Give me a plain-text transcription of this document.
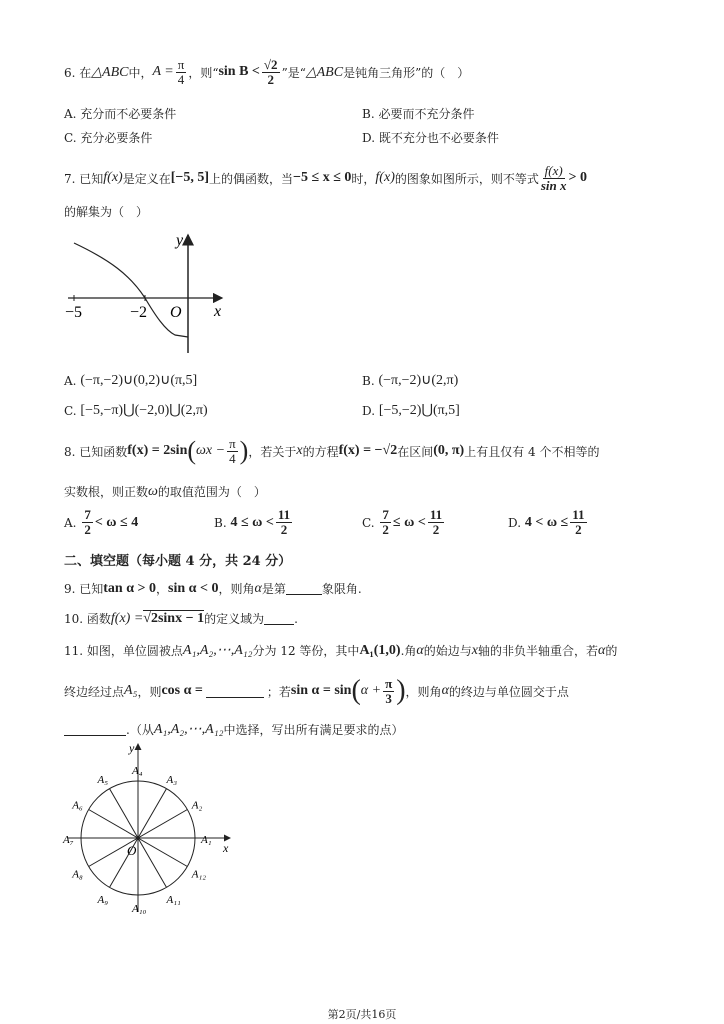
6. 在 △ABC 中， $A = \frac{\pi}{4}$ ，则“ $\sin B < \frac{√2}{2}$ ”是“ △ABC 是钝角三角形”的（　）
A. 充分而不必要条件	B. 必要而不充分条件
C. 充分必要条件	D. 既不充分也不必要条件
7. 已知 f(x) 是定义在 [−5, 5] 上的偶函数，当 −5 ≤ x ≤ 0 时， f(x) 的图象如图所示，则不等式 $\frac{f(x)}{\text{sin x}} > 0$
的解集为（　）
y
x
O
−5	−2
A.
(−π,−2)∪(0,2)∪(π,5]	B.
(−π,−2)∪(2,π)
C.
[−5,−π)⋃(−2,0)⋃(2,π)	D.
[−5,−2)⋃(π,5]
8. 已知函数 f(x) = 2sin ( $\omega x - \frac{\pi}{4}$ ) ，若关于 x 的方程 f(x) = −√2 在区间 (0, π) 上有且仅有 4 个不相等的
实数根，则正数 ω 的取值范围为（　）
A.
$\frac{7}{2} < \omega \le 4$	B.
$4 \le \omega < \frac{11}{2}$	C.
$\frac{7}{2} \le \omega < \frac{11}{2}$	D.
$4 < \omega \le \frac{11}{2}$
二、填空题（每小题 4 分，共 24 分）
9. 已知 tan α > 0 ， sin α < 0 ，则角 α 是第	象限角.
10. 函数 f(x) = √2sinx − 1 的定义域为	.
11. 如图，单位圆被点 A₁,A₂,⋯,A₁₂ 分为 12 等份，其中 A₁(1,0) .角 α 的始边与 x 轴的非负半轴重合，若 α 的
终边经过点 A₅ ，则 cos α =	；若 sin α = sin ( $\alpha + \frac{\pi}{3}$ ) ，则角 α 的终边与单位圆交于点
.（从 A₁,A₂,⋯,A₁₂ 中选择，写出所有满足要求的点）
y
x
O
A₁
A₂
A₃
A₄
A₅
A₆
A₇
A₈
A₉
A₁₀
A₁₁
A₁₂
第2页/共16页
